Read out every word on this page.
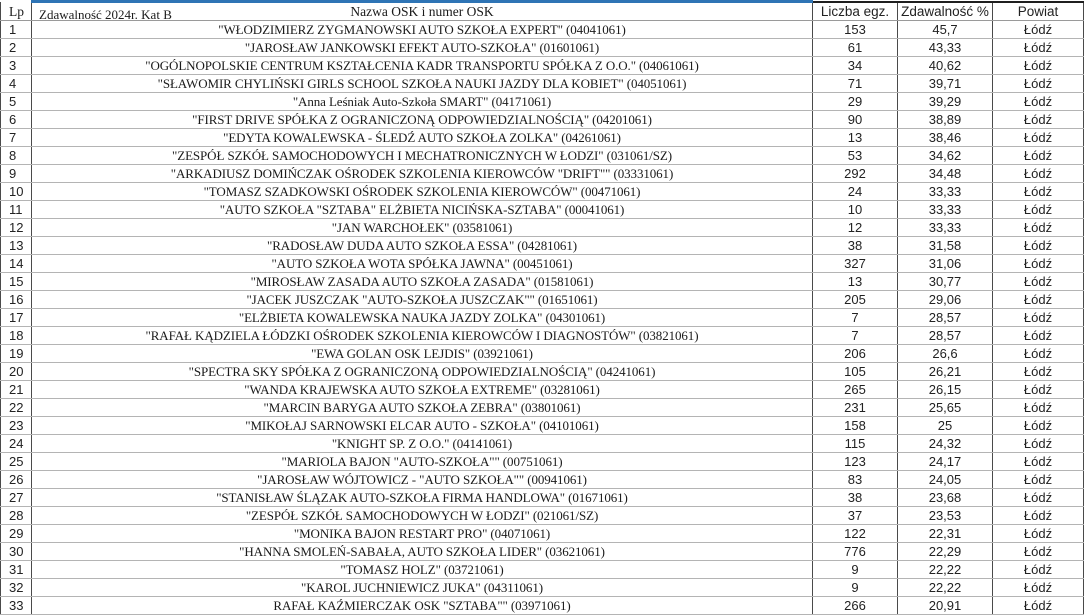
Lp	Zdawalność 2024r. Kat B Nazwa OSK i numer OSK	Liczba egz.	Zdawalność %	Powiat
1	"WŁODZIMIERZ ZYGMANOWSKI AUTO SZKOŁA EXPERT" (04041061)	153	45,7	Łódź
2	"JAROSŁAW JANKOWSKI EFEKT AUTO-SZKOŁA" (01601061)	61	43,33	Łódź
3	"OGÓLNOPOLSKIE CENTRUM KSZTAŁCENIA KADR TRANSPORTU SPÓŁKA Z O.O." (04061061)	34	40,62	Łódź
4	"SŁAWOMIR CHYLIŃSKI GIRLS SCHOOL SZKOŁA NAUKI JAZDY DLA KOBIET" (04051061)	71	39,71	Łódź
5	"Anna Leśniak Auto-Szkoła SMART" (04171061)	29	39,29	Łódź
6	"FIRST DRIVE SPÓŁKA Z OGRANICZONĄ ODPOWIEDZIALNOŚCIĄ" (04201061)	90	38,89	Łódź
7	"EDYTA KOWALEWSKA - ŚLEDŹ AUTO SZKOŁA ZOLKA" (04261061)	13	38,46	Łódź
8	"ZESPÓŁ SZKÓŁ SAMOCHODOWYCH I MECHATRONICZNYCH W ŁODZI" (031061/SZ)	53	34,62	Łódź
9	"ARKADIUSZ DOMIŃCZAK OŚRODEK SZKOLENIA KIEROWCÓW "DRIFT"" (03331061)	292	34,48	Łódź
10	"TOMASZ SZADKOWSKI OŚRODEK SZKOLENIA KIEROWCÓW" (00471061)	24	33,33	Łódź
11	"AUTO SZKOŁA "SZTABA" ELŻBIETA NICIŃSKA-SZTABA" (00041061)	10	33,33	Łódź
12	"JAN WARCHOŁEK" (03581061)	12	33,33	Łódź
13	"RADOSŁAW DUDA AUTO SZKOŁA ESSA" (04281061)	38	31,58	Łódź
14	"AUTO SZKOŁA WOTA SPÓŁKA JAWNA" (00451061)	327	31,06	Łódź
15	"MIROSŁAW ZASADA AUTO SZKOŁA ZASADA" (01581061)	13	30,77	Łódź
16	"JACEK JUSZCZAK "AUTO-SZKOŁA JUSZCZAK"" (01651061)	205	29,06	Łódź
17	"ELŻBIETA KOWALEWSKA NAUKA JAZDY ZOLKA" (04301061)	7	28,57	Łódź
18	"RAFAŁ KĄDZIELA ŁÓDZKI OŚRODEK SZKOLENIA KIEROWCÓW I DIAGNOSTÓW" (03821061)	7	28,57	Łódź
19	"EWA GOLAN OSK LEJDIS" (03921061)	206	26,6	Łódź
20	"SPECTRA SKY SPÓŁKA Z OGRANICZONĄ ODPOWIEDZIALNOŚCIĄ" (04241061)	105	26,21	Łódź
21	"WANDA KRAJEWSKA AUTO SZKOŁA EXTREME" (03281061)	265	26,15	Łódź
22	"MARCIN BARYGA AUTO SZKOŁA ZEBRA" (03801061)	231	25,65	Łódź
23	"MIKOŁAJ SARNOWSKI ELCAR AUTO - SZKOŁA" (04101061)	158	25	Łódź
24	"KNIGHT SP. Z O.O." (04141061)	115	24,32	Łódź
25	"MARIOLA BAJON "AUTO-SZKOŁA"" (00751061)	123	24,17	Łódź
26	"JAROSŁAW WÓJTOWICZ - "AUTO SZKOŁA"" (00941061)	83	24,05	Łódź
27	"STANISŁAW ŚLĄZAK AUTO-SZKOŁA FIRMA HANDLOWA" (01671061)	38	23,68	Łódź
28	"ZESPÓŁ SZKÓŁ SAMOCHODOWYCH W ŁODZI" (021061/SZ)	37	23,53	Łódź
29	"MONIKA BAJON RESTART PRO" (04071061)	122	22,31	Łódź
30	"HANNA SMOLEŃ-SABAŁA, AUTO SZKOŁA LIDER" (03621061)	776	22,29	Łódź
31	"TOMASZ HOLZ" (03721061)	9	22,22	Łódź
32	"KAROL JUCHNIEWICZ JUKA" (04311061)	9	22,22	Łódź
33	RAFAŁ KAŹMIERCZAK OSK "SZTABA"" (03971061)	266	20,91	Łódź
